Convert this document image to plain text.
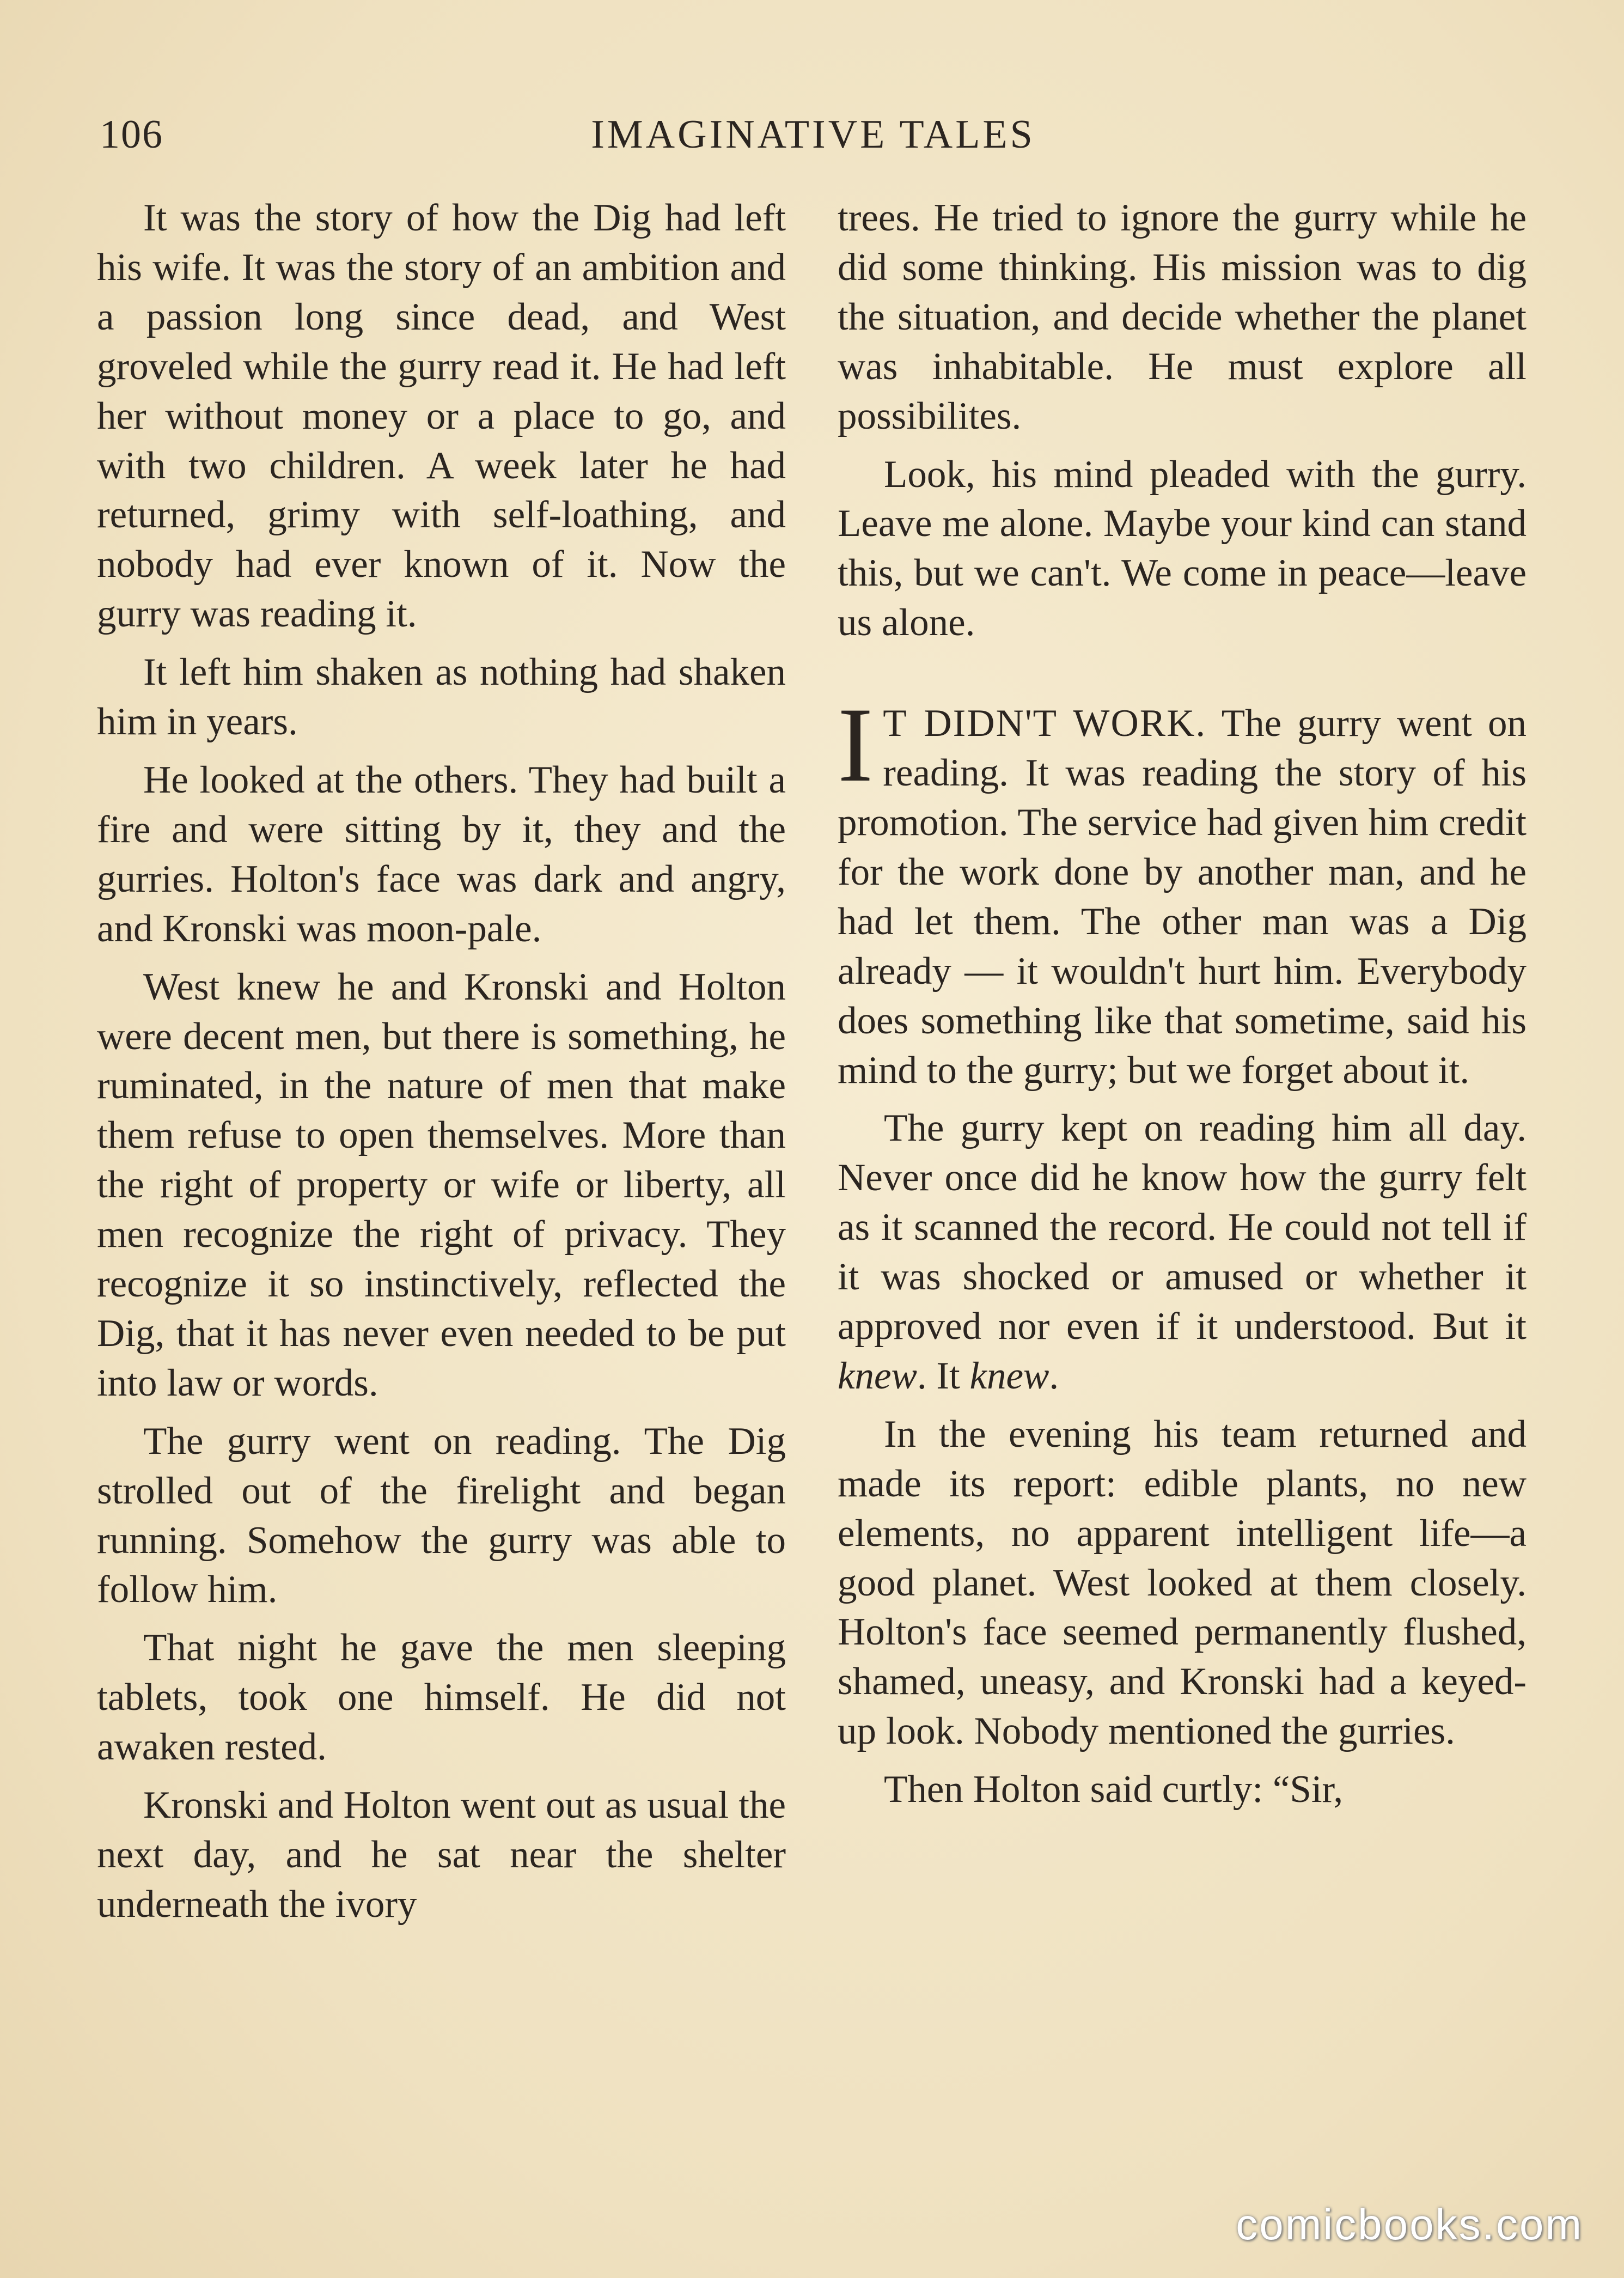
106	IMAGINATIVE TALES

It was the story of how the Dig had left his wife. It was the story of an ambition and a passion long since dead, and West groveled while the gurry read it. He had left her without money or a place to go, and with two children. A week later he had returned, grimy with self-loathing, and nobody had ever known of it. Now the gurry was reading it.

It left him shaken as nothing had shaken him in years.

He looked at the others. They had built a fire and were sitting by it, they and the gurries. Holton's face was dark and angry, and Kronski was moon-pale.

West knew he and Kronski and Holton were decent men, but there is something, he ruminated, in the nature of men that make them refuse to open themselves. More than the right of property or wife or liberty, all men recognize the right of privacy. They recognize it so instinctively, reflected the Dig, that it has never even needed to be put into law or words.

The gurry went on reading. The Dig strolled out of the firelight and began running. Somehow the gurry was able to follow him.

That night he gave the men sleeping tablets, took one himself. He did not awaken rested.

Kronski and Holton went out as usual the next day, and he sat near the shelter underneath the ivory

trees. He tried to ignore the gurry while he did some thinking. His mission was to dig the situation, and decide whether the planet was inhabitable. He must explore all possibilites.

Look, his mind pleaded with the gurry. Leave me alone. Maybe your kind can stand this, but we can't. We come in peace—leave us alone.

I T DIDN'T WORK. The gurry went on reading. It was reading the story of his promotion. The service had given him credit for the work done by another man, and he had let them. The other man was a Dig already — it wouldn't hurt him. Everybody does something like that sometime, said his mind to the gurry; but we forget about it.

The gurry kept on reading him all day. Never once did he know how the gurry felt as it scanned the record. He could not tell if it was shocked or amused or whether it approved nor even if it understood. But it knew. It knew.

In the evening his team returned and made its report: edible plants, no new elements, no apparent intelligent life—a good planet. West looked at them closely. Holton's face seemed permanently flushed, shamed, uneasy, and Kronski had a keyed-up look. Nobody mentioned the gurries.

Then Holton said curtly: “Sir,

comicbooks.com
